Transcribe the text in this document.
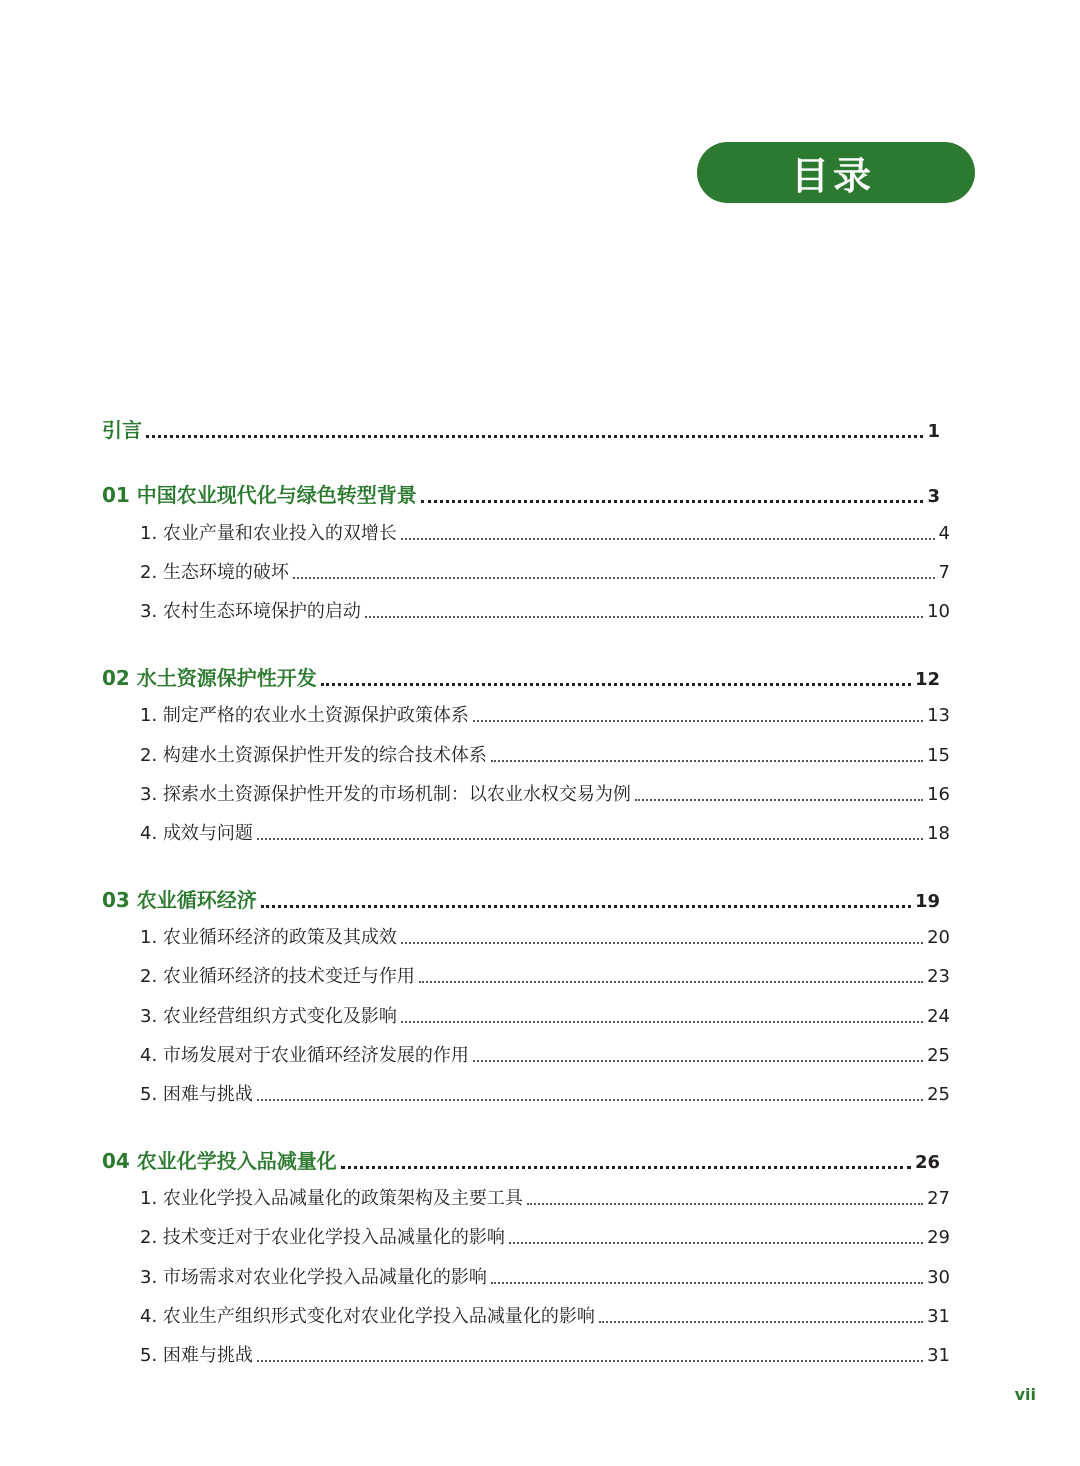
目录
引言	1
01 中国农业现代化与绿色转型背景	3
1. 农业产量和农业投入的双增长	4
2. 生态环境的破坏	7
3. 农村生态环境保护的启动	10
02 水土资源保护性开发	12
1. 制定严格的农业水土资源保护政策体系	13
2. 构建水土资源保护性开发的综合技术体系	15
3. 探索水土资源保护性开发的市场机制：以农业水权交易为例	16
4. 成效与问题	18
03 农业循环经济	19
1. 农业循环经济的政策及其成效	20
2. 农业循环经济的技术变迁与作用	23
3. 农业经营组织方式变化及影响	24
4. 市场发展对于农业循环经济发展的作用	25
5. 困难与挑战	25
04 农业化学投入品减量化	26
1. 农业化学投入品减量化的政策架构及主要工具	27
2. 技术变迁对于农业化学投入品减量化的影响	29
3. 市场需求对农业化学投入品减量化的影响	30
4. 农业生产组织形式变化对农业化学投入品减量化的影响	31
5. 困难与挑战	31
vii
